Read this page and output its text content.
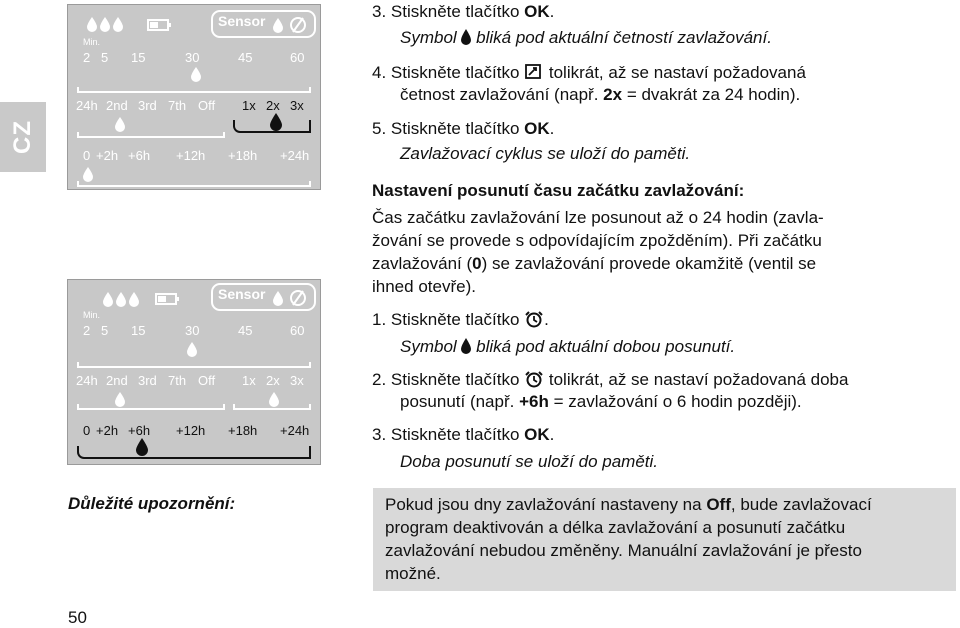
CZ
Sensor
Min.
2 5 15	30	45	60
24h 2nd 3rd 7th Off 1x 2x 3x
0 +2h +6h +12h +18h +24h
Sensor
Min.
2 5 15	30	45	60
24h 2nd 3rd 7th Off 1x 2x 3x
0 +2h +6h +12h +18h +24h
3. Stiskněte tlačítko OK.
Symbol  bliká pod aktuální četností zavlažování.
4. Stiskněte tlačítko  tolikrát, až se nastaví požadovaná
četnost zavlažování (např. 2x = dvakrát za 24 hodin).
5. Stiskněte tlačítko OK.
Zavlažovací cyklus se uloží do paměti.
Nastavení posunutí času začátku zavlažování:
Čas začátku zavlažování lze posunout až o 24 hodin (zavla-
žování se provede s odpovídajícím zpožděním). Při začátku
zavlažování (0) se zavlažování provede okamžitě (ventil se
ihned otevře).
1. Stiskněte tlačítko .
Symbol  bliká pod aktuální dobou posunutí.
2. Stiskněte tlačítko  tolikrát, až se nastaví požadovaná doba
posunutí (např. +6h = zavlažování o 6 hodin později).
3. Stiskněte tlačítko OK.
Doba posunutí se uloží do paměti.
Důležité upozornění:	Pokud jsou dny zavlažování nastaveny na Off, bude zavlažovací
program deaktivován a délka zavlažování a posunutí začátku
zavlažování nebudou změněny. Manuální zavlažování je přesto
možné.
50
